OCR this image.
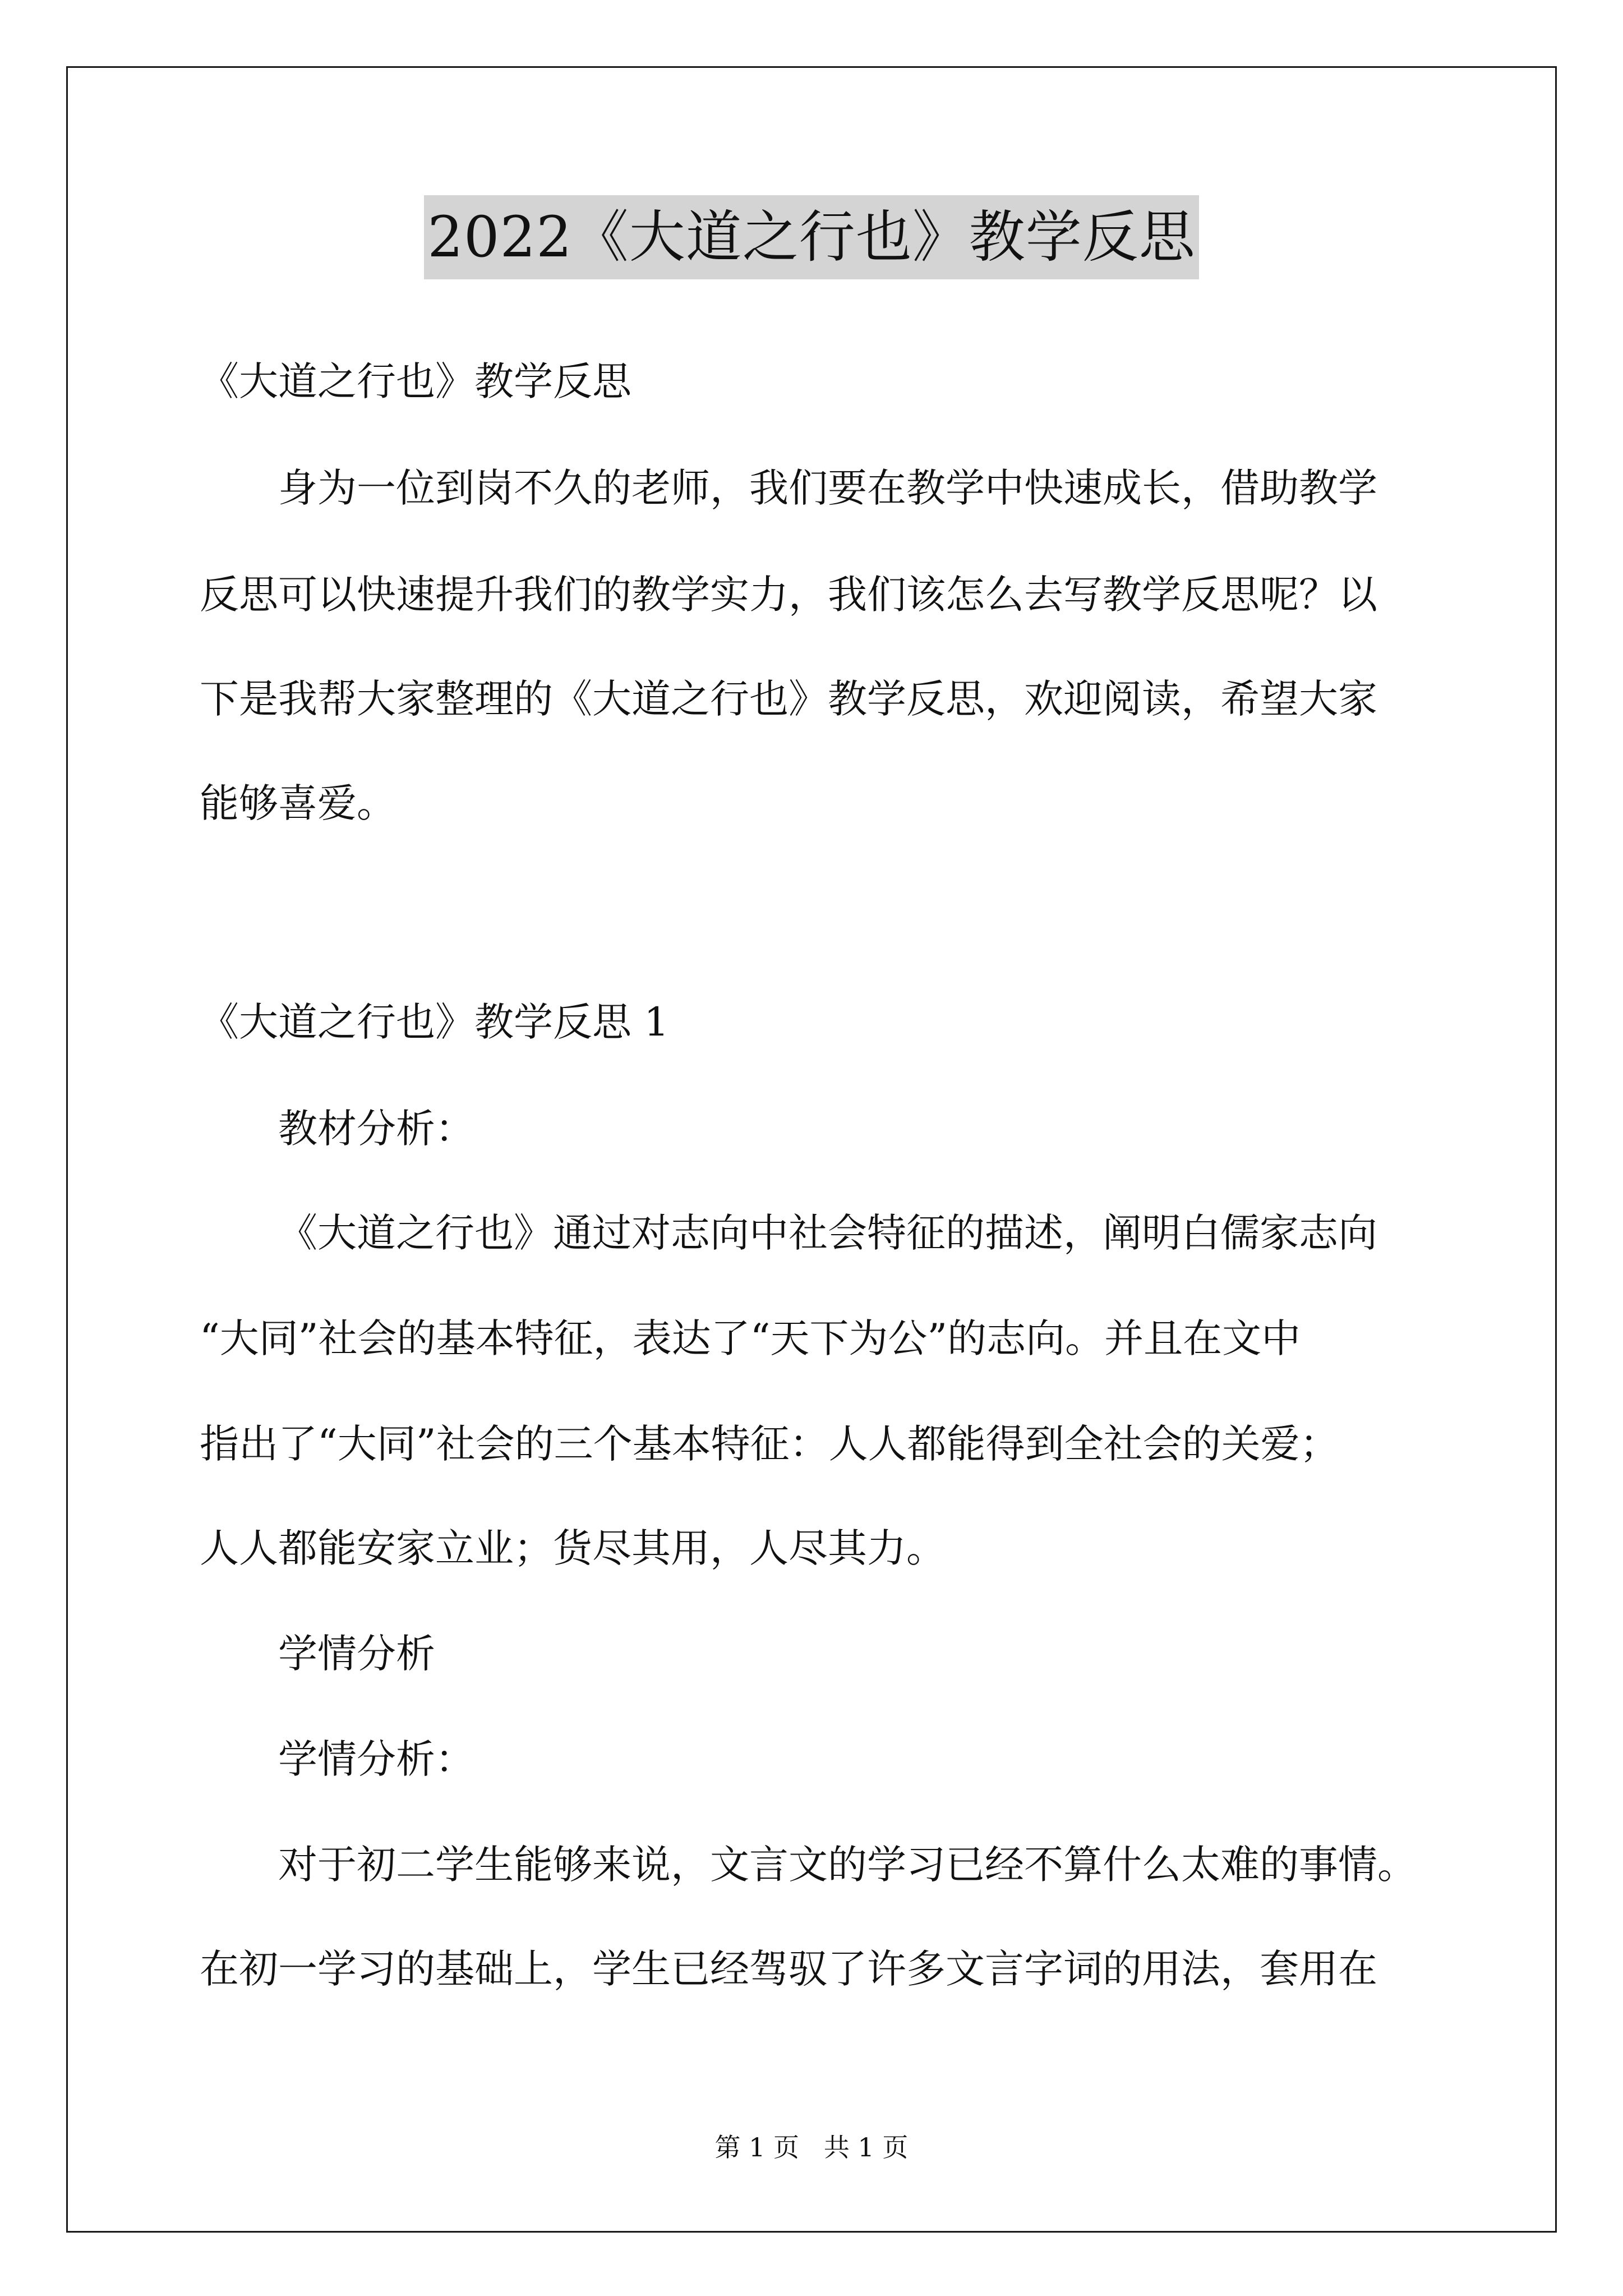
2022《大道之行也》教学反思
《大道之行也》教学反思
身为一位到岗不久的老师，我们要在教学中快速成长，借助教学
反思可以快速提升我们的教学实力，我们该怎么去写教学反思呢？以
下是我帮大家整理的《大道之行也》教学反思，欢迎阅读，希望大家
能够喜爱。
《大道之行也》教学反思 1
教材分析：
《大道之行也》通过对志向中社会特征的描述，阐明白儒家志向
“大同”社会的基本特征，表达了“天下为公”的志向。并且在文中
指出了“大同”社会的三个基本特征：人人都能得到全社会的关爱；
人人都能安家立业；货尽其用，人尽其力。
学情分析
学情分析：
对于初二学生能够来说，文言文的学习已经不算什么太难的事情。
在初一学习的基础上，学生已经驾驭了许多文言字词的用法，套用在
第 1 页   共 1 页
